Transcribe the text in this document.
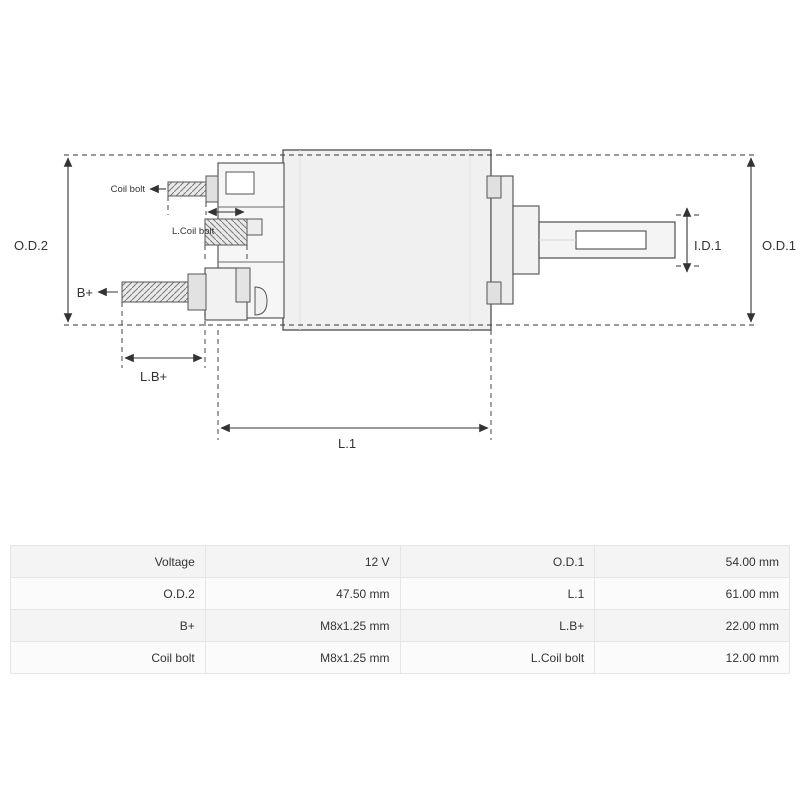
O.D.2	O.D.1
I.D.1
L.1
L.B+
B+
Coil bolt
L.Coil bolt
Voltage	12 V	O.D.1	54.00 mm
O.D.2	47.50 mm	L.1	61.00 mm
B+	M8x1.25 mm	L.B+	22.00 mm
Coil bolt	M8x1.25 mm	L.Coil bolt	12.00 mm
